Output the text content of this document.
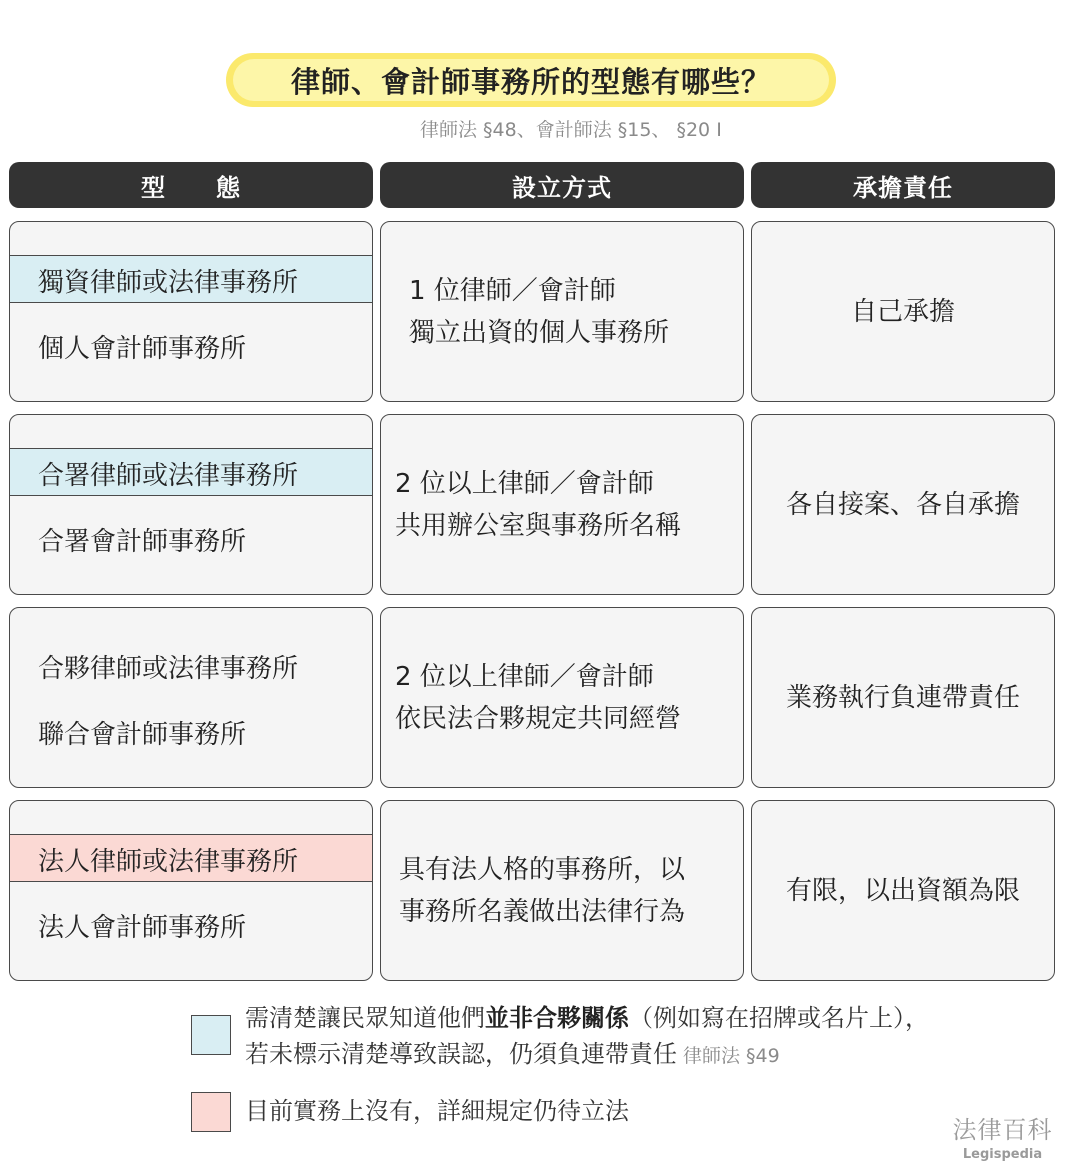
律師、會計師事務所的型態有哪些？
律師法 §48、會計師法 §15、 §20 I
型　　態	設立方式	承擔責任
獨資律師或法律事務所
個人會計師事務所
1 位律師／會計師
獨立出資的個人事務所
自己承擔
合署律師或法律事務所
合署會計師事務所
2 位以上律師／會計師
共用辦公室與事務所名稱
各自接案、各自承擔
合夥律師或法律事務所
聯合會計師事務所
2 位以上律師／會計師
依民法合夥規定共同經營
業務執行負連帶責任
法人律師或法律事務所
法人會計師事務所
具有法人格的事務所，以
事務所名義做出法律行為
有限，以出資額為限
需清楚讓民眾知道他們並非合夥關係（例如寫在招牌或名片上），
若未標示清楚導致誤認，仍須負連帶責任 律師法 §49
目前實務上沒有，詳細規定仍待立法
法律百科
Legispedia
